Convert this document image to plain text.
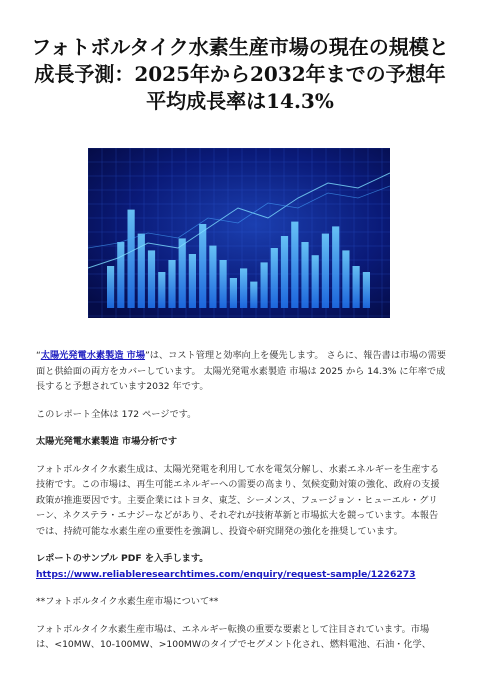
フォトボルタイク水素生産市場の現在の規模と成長予測：2025年から2032年までの予想年平均成長率は14.3%

“太陽光発電水素製造 市場”は、コスト管理と効率向上を優先します。 さらに、報告書は市場の需要面と供給面の両方をカバーしています。 太陽光発電水素製造 市場は 2025 から 14.3% に年率で成長すると予想されています2032 年です。

このレポート全体は 172 ページです。

太陽光発電水素製造 市場分析です

フォトボルタイク水素生成は、太陽光発電を利用して水を電気分解し、水素エネルギーを生産する技術です。この市場は、再生可能エネルギーへの需要の高まり、気候変動対策の強化、政府の支援政策が推進要因です。主要企業にはトヨタ、東芝、シーメンス、フュージョン・ヒューエル・グリーン、ネクステラ・エナジーなどがあり、それぞれが技術革新と市場拡大を競っています。本報告では、持続可能な水素生産の重要性を強調し、投資や研究開発の強化を推奨しています。

レポートのサンプル PDF を入手します。 https://www.reliableresearchtimes.com/enquiry/request-sample/1226273

**フォトボルタイク水素生産市場について**

フォトボルタイク水素生産市場は、エネルギー転換の重要な要素として注目されています。市場は、<10MW、10-100MW、>100MWのタイプでセグメント化され、燃料電池、石油・化学、
